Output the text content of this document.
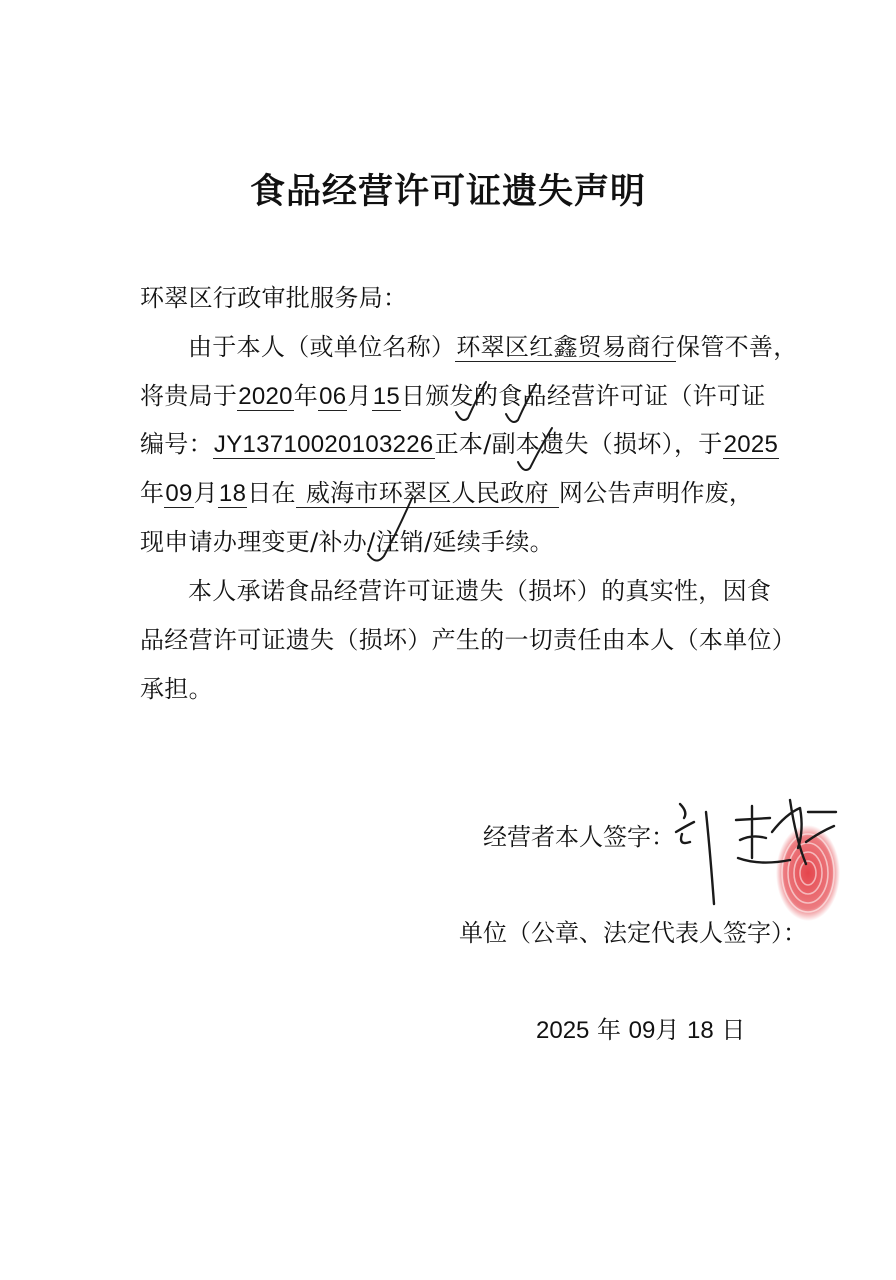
食品经营许可证遗失声明
环翠区行政审批服务局：
由于本人（或单位名称）环翠区红鑫贸易商行保管不善，
将贵局于2020年06月15日颁发的食品经营许可证（许可证
编号：JY13710020103226正本/副本遗失（损坏），于2025
年09月18日在 威海市环翠区人民政府 网公告声明作废，
现申请办理变更/补办/注销/延续手续。
本人承诺食品经营许可证遗失（损坏）的真实性，因食
品经营许可证遗失（损坏）产生的一切责任由本人（本单位）
承担。
经营者本人签字：
单位（公章、法定代表人签字）：
2025 年 09月 18 日
